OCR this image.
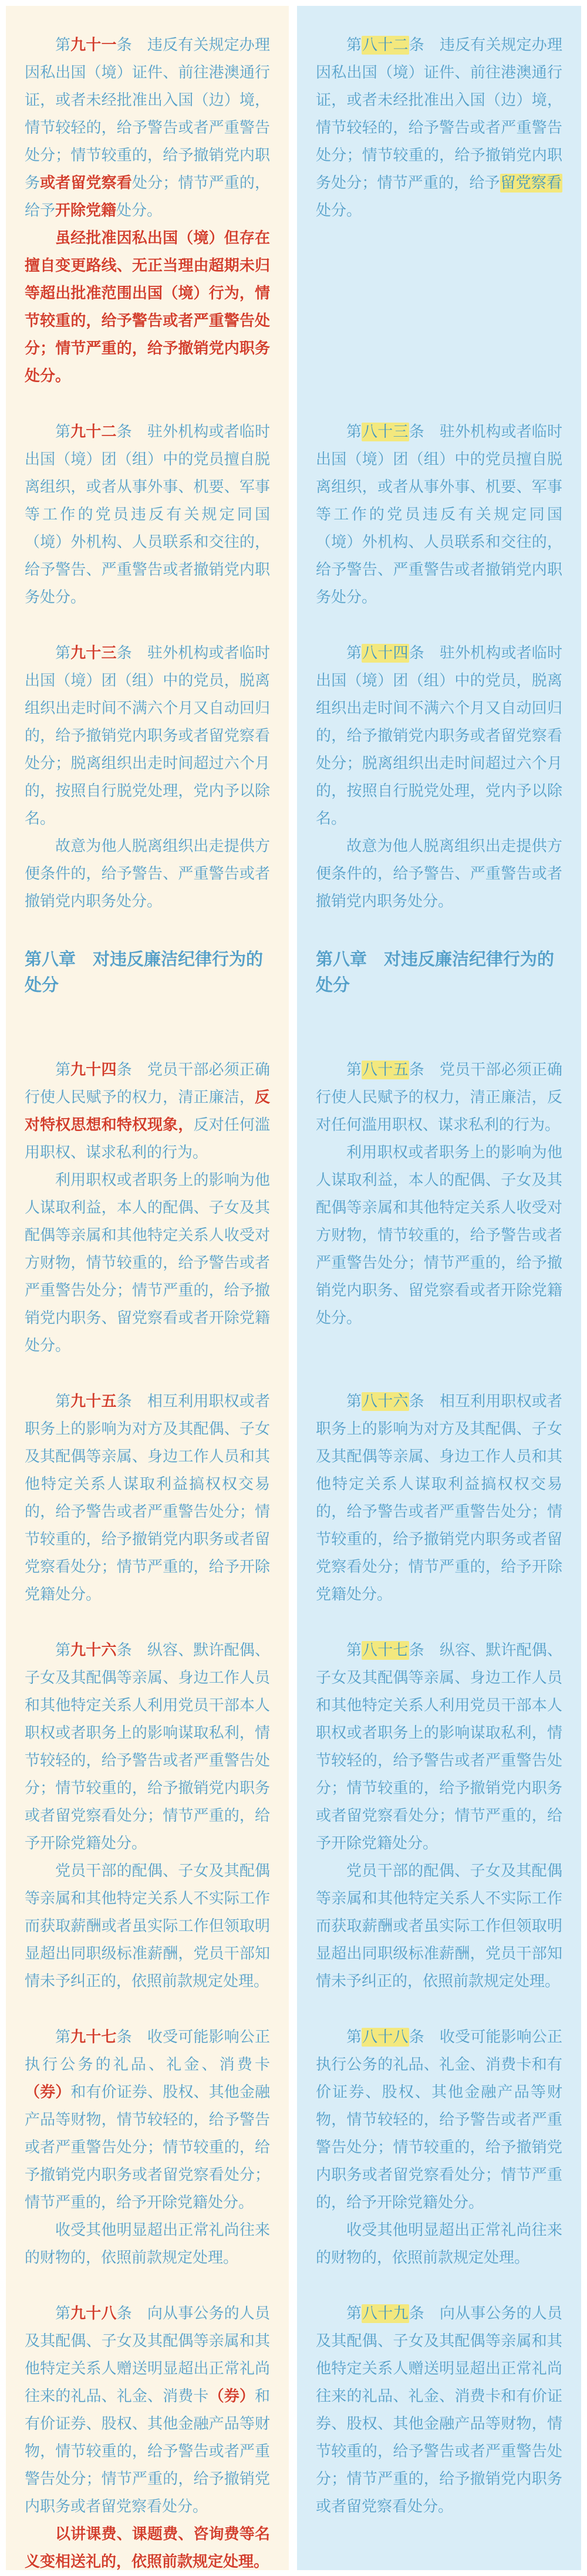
第九十一条　违反有关规定办理因私出国（境）证件、前往港澳通行证，或者未经批准出入国（边）境，情节较轻的，给予警告或者严重警告处分；情节较重的，给予撤销党内职务或者留党察看处分；情节严重的，给予开除党籍处分。

虽经批准因私出国（境）但存在擅自变更路线、无正当理由超期未归等超出批准范围出国（境）行为，情节较重的，给予警告或者严重警告处分；情节严重的，给予撤销党内职务处分。

第八十二条　违反有关规定办理因私出国（境）证件、前往港澳通行证，或者未经批准出入国（边）境，情节较轻的，给予警告或者严重警告处分；情节较重的，给予撤销党内职务处分；情节严重的，给予留党察看处分。

第九十二条　驻外机构或者临时出国（境）团（组）中的党员擅自脱离组织，或者从事外事、机要、军事等工作的党员违反有关规定同国（境）外机构、人员联系和交往的，给予警告、严重警告或者撤销党内职务处分。

第八十三条　驻外机构或者临时出国（境）团（组）中的党员擅自脱离组织，或者从事外事、机要、军事等工作的党员违反有关规定同国（境）外机构、人员联系和交往的，给予警告、严重警告或者撤销党内职务处分。

第九十三条　驻外机构或者临时出国（境）团（组）中的党员，脱离组织出走时间不满六个月又自动回归的，给予撤销党内职务或者留党察看处分；脱离组织出走时间超过六个月的，按照自行脱党处理，党内予以除名。

故意为他人脱离组织出走提供方便条件的，给予警告、严重警告或者撤销党内职务处分。

第八十四条　驻外机构或者临时出国（境）团（组）中的党员，脱离组织出走时间不满六个月又自动回归的，给予撤销党内职务或者留党察看处分；脱离组织出走时间超过六个月的，按照自行脱党处理，党内予以除名。

故意为他人脱离组织出走提供方便条件的，给予警告、严重警告或者撤销党内职务处分。

第八章　对违反廉洁纪律行为的处分
第八章　对违反廉洁纪律行为的处分

第九十四条　党员干部必须正确行使人民赋予的权力，清正廉洁，反对特权思想和特权现象，反对任何滥用职权、谋求私利的行为。

利用职权或者职务上的影响为他人谋取利益，本人的配偶、子女及其配偶等亲属和其他特定关系人收受对方财物，情节较重的，给予警告或者严重警告处分；情节严重的，给予撤销党内职务、留党察看或者开除党籍处分。

第八十五条　党员干部必须正确行使人民赋予的权力，清正廉洁，反对任何滥用职权、谋求私利的行为。

利用职权或者职务上的影响为他人谋取利益，本人的配偶、子女及其配偶等亲属和其他特定关系人收受对方财物，情节较重的，给予警告或者严重警告处分；情节严重的，给予撤销党内职务、留党察看或者开除党籍处分。

第九十五条　相互利用职权或者职务上的影响为对方及其配偶、子女及其配偶等亲属、身边工作人员和其他特定关系人谋取利益搞权权交易的，给予警告或者严重警告处分；情节较重的，给予撤销党内职务或者留党察看处分；情节严重的，给予开除党籍处分。

第八十六条　相互利用职权或者职务上的影响为对方及其配偶、子女及其配偶等亲属、身边工作人员和其他特定关系人谋取利益搞权权交易的，给予警告或者严重警告处分；情节较重的，给予撤销党内职务或者留党察看处分；情节严重的，给予开除党籍处分。

第九十六条　纵容、默许配偶、子女及其配偶等亲属、身边工作人员和其他特定关系人利用党员干部本人职权或者职务上的影响谋取私利，情节较轻的，给予警告或者严重警告处分；情节较重的，给予撤销党内职务或者留党察看处分；情节严重的，给予开除党籍处分。

党员干部的配偶、子女及其配偶等亲属和其他特定关系人不实际工作而获取薪酬或者虽实际工作但领取明显超出同职级标准薪酬，党员干部知情未予纠正的，依照前款规定处理。

第八十七条　纵容、默许配偶、子女及其配偶等亲属、身边工作人员和其他特定关系人利用党员干部本人职权或者职务上的影响谋取私利，情节较轻的，给予警告或者严重警告处分；情节较重的，给予撤销党内职务或者留党察看处分；情节严重的，给予开除党籍处分。

党员干部的配偶、子女及其配偶等亲属和其他特定关系人不实际工作而获取薪酬或者虽实际工作但领取明显超出同职级标准薪酬，党员干部知情未予纠正的，依照前款规定处理。

第九十七条　收受可能影响公正执行公务的礼品、礼金、消费卡（券）和有价证券、股权、其他金融产品等财物，情节较轻的，给予警告或者严重警告处分；情节较重的，给予撤销党内职务或者留党察看处分；情节严重的，给予开除党籍处分。

收受其他明显超出正常礼尚往来的财物的，依照前款规定处理。

第八十八条　收受可能影响公正执行公务的礼品、礼金、消费卡和有价证券、股权、其他金融产品等财物，情节较轻的，给予警告或者严重警告处分；情节较重的，给予撤销党内职务或者留党察看处分；情节严重的，给予开除党籍处分。

收受其他明显超出正常礼尚往来的财物的，依照前款规定处理。

第九十八条　向从事公务的人员及其配偶、子女及其配偶等亲属和其他特定关系人赠送明显超出正常礼尚往来的礼品、礼金、消费卡（券）和有价证券、股权、其他金融产品等财物，情节较重的，给予警告或者严重警告处分；情节严重的，给予撤销党内职务或者留党察看处分。

以讲课费、课题费、咨询费等名义变相送礼的，依照前款规定处理。

第八十九条　向从事公务的人员及其配偶、子女及其配偶等亲属和其他特定关系人赠送明显超出正常礼尚往来的礼品、礼金、消费卡和有价证券、股权、其他金融产品等财物，情节较重的，给予警告或者严重警告处分；情节严重的，给予撤销党内职务或者留党察看处分。
